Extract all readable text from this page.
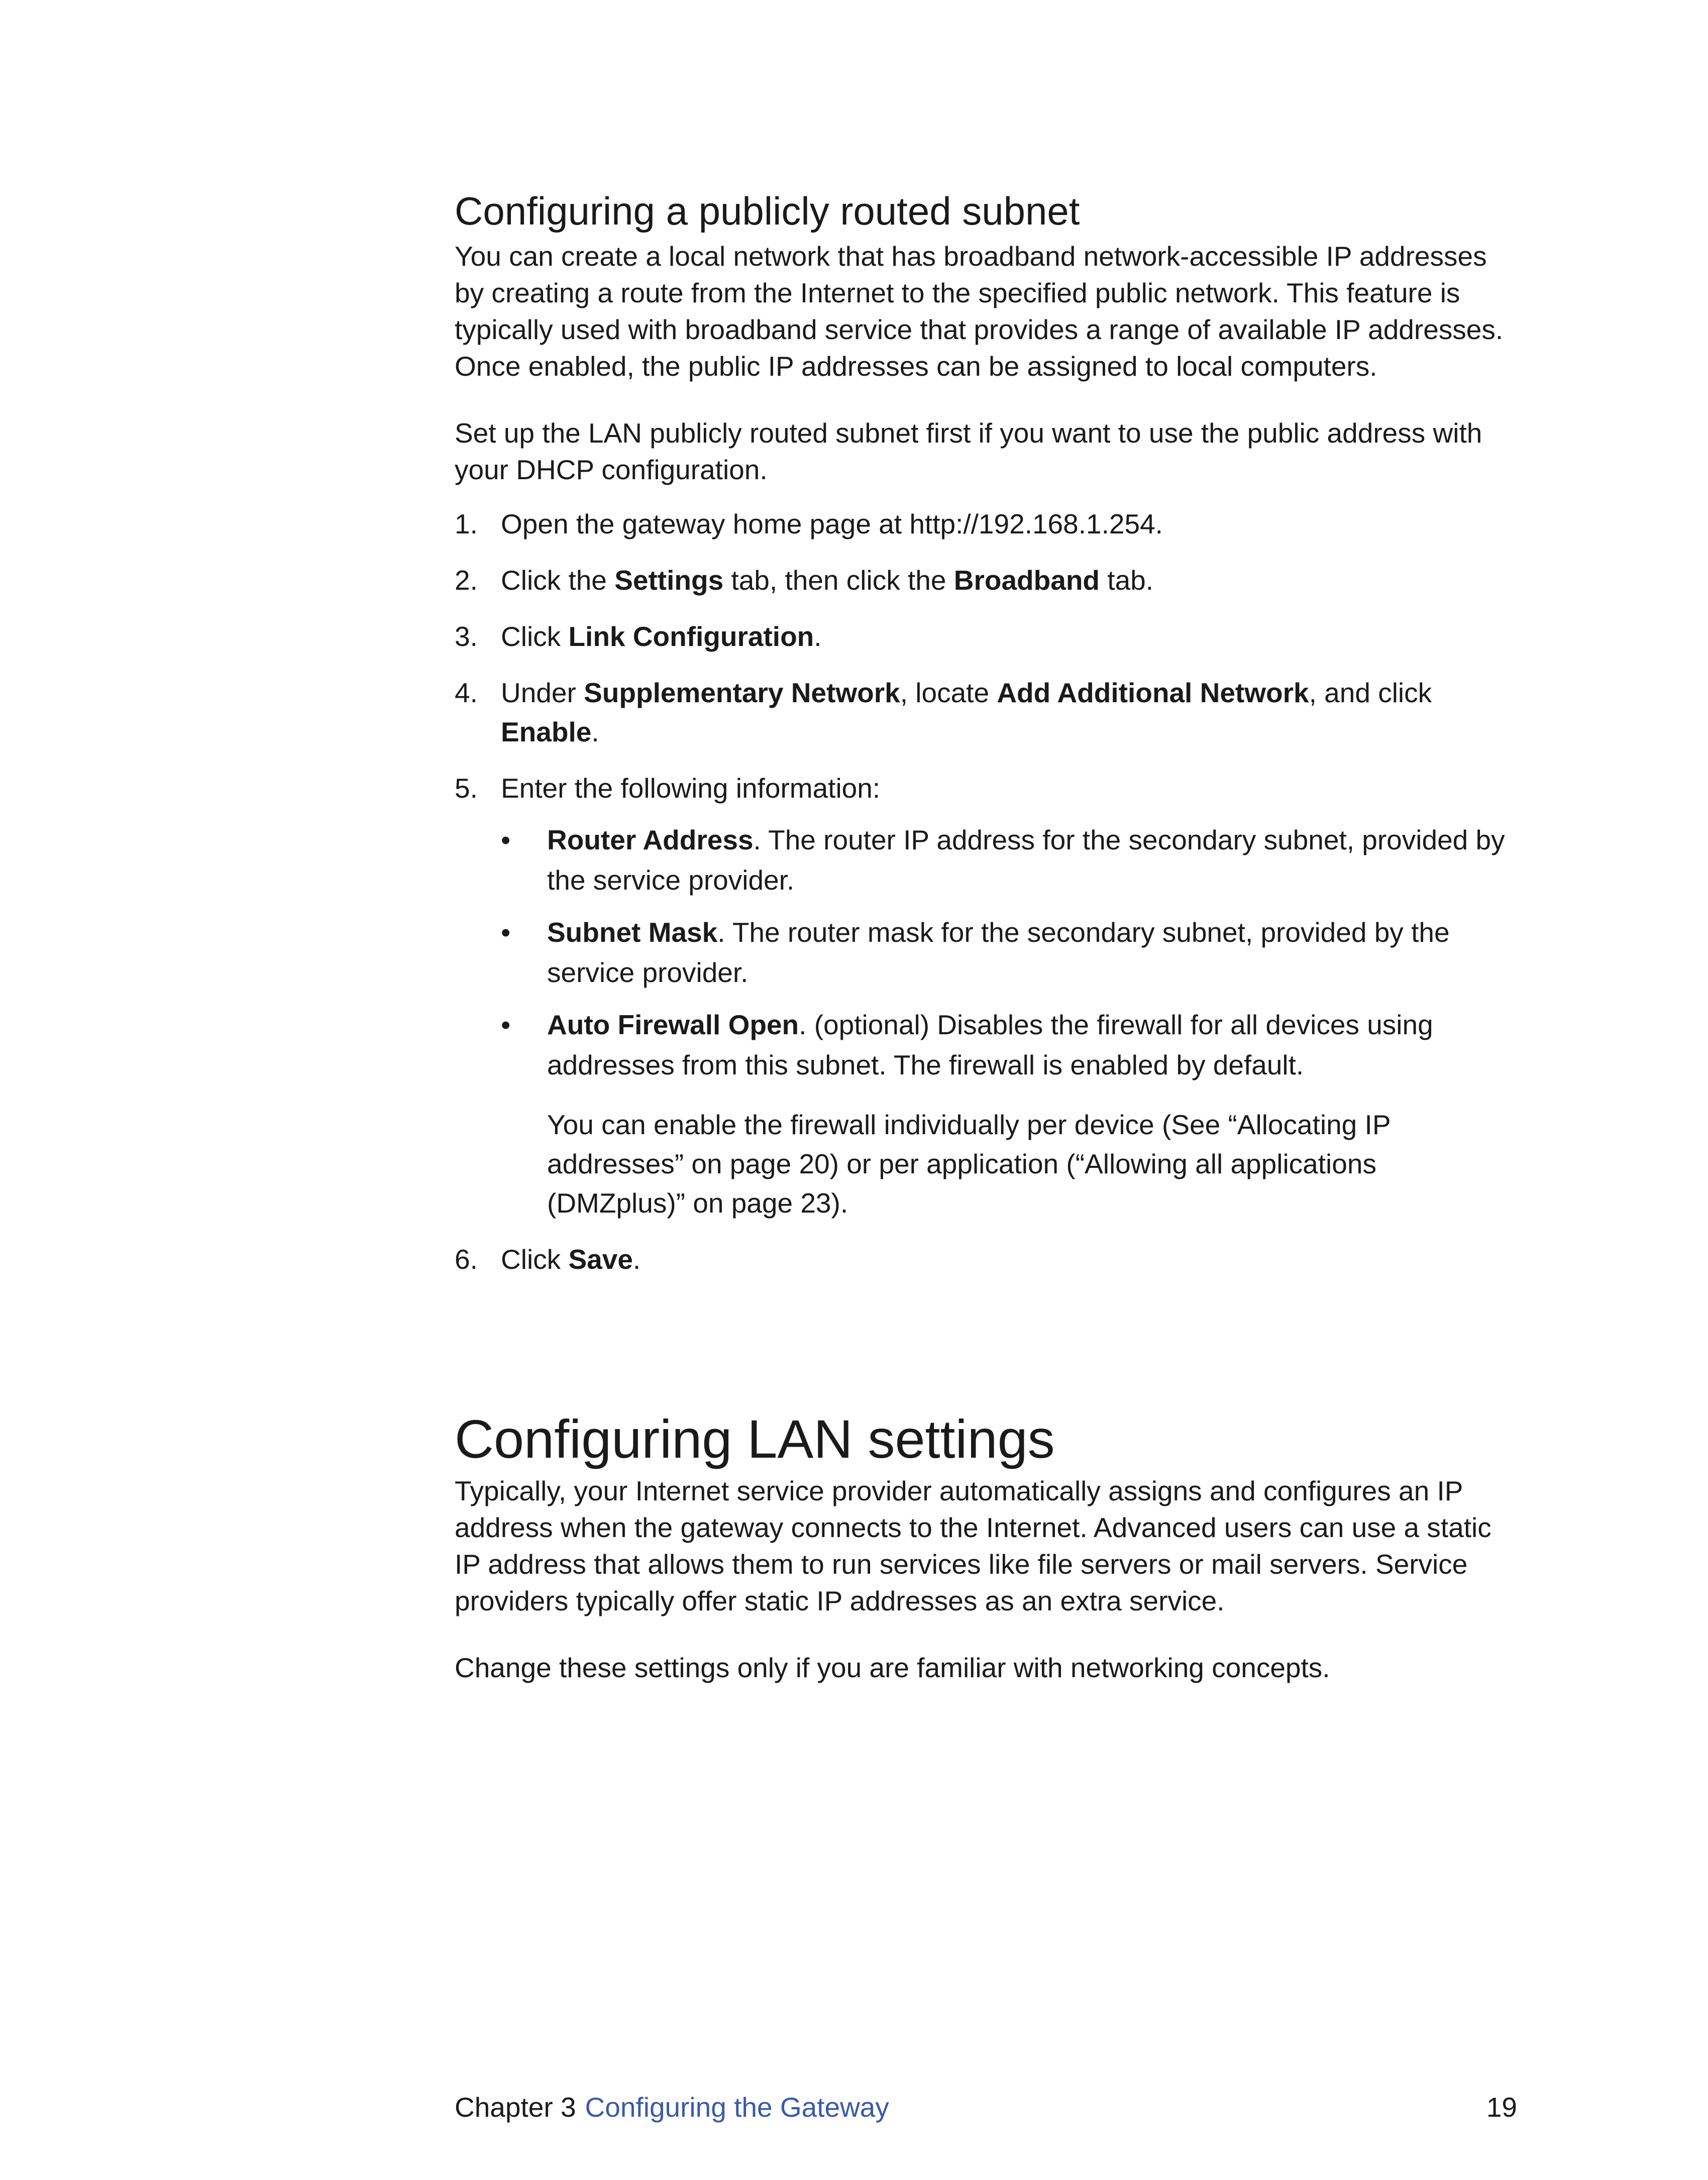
Configuring a publicly routed subnet

You can create a local network that has broadband network-accessible IP addresses by creating a route from the Internet to the specified public network. This feature is typically used with broadband service that provides a range of available IP addresses. Once enabled, the public IP addresses can be assigned to local computers.

Set up the LAN publicly routed subnet first if you want to use the public address with your DHCP configuration.

1. Open the gateway home page at http://192.168.1.254.
2. Click the Settings tab, then click the Broadband tab.
3. Click Link Configuration.
4. Under Supplementary Network, locate Add Additional Network, and click Enable.
5. Enter the following information:
• Router Address. The router IP address for the secondary subnet, provided by the service provider.
• Subnet Mask. The router mask for the secondary subnet, provided by the service provider.
• Auto Firewall Open. (optional) Disables the firewall for all devices using addresses from this subnet. The firewall is enabled by default.

You can enable the firewall individually per device (See “Allocating IP addresses” on page 20) or per application (“Allowing all applications (DMZplus)” on page 23).

6. Click Save.
Configuring LAN settings

Typically, your Internet service provider automatically assigns and configures an IP address when the gateway connects to the Internet. Advanced users can use a static IP address that allows them to run services like file servers or mail servers. Service providers typically offer static IP addresses as an extra service.

Change these settings only if you are familiar with networking concepts.

Chapter 3 Configuring the Gateway	19
